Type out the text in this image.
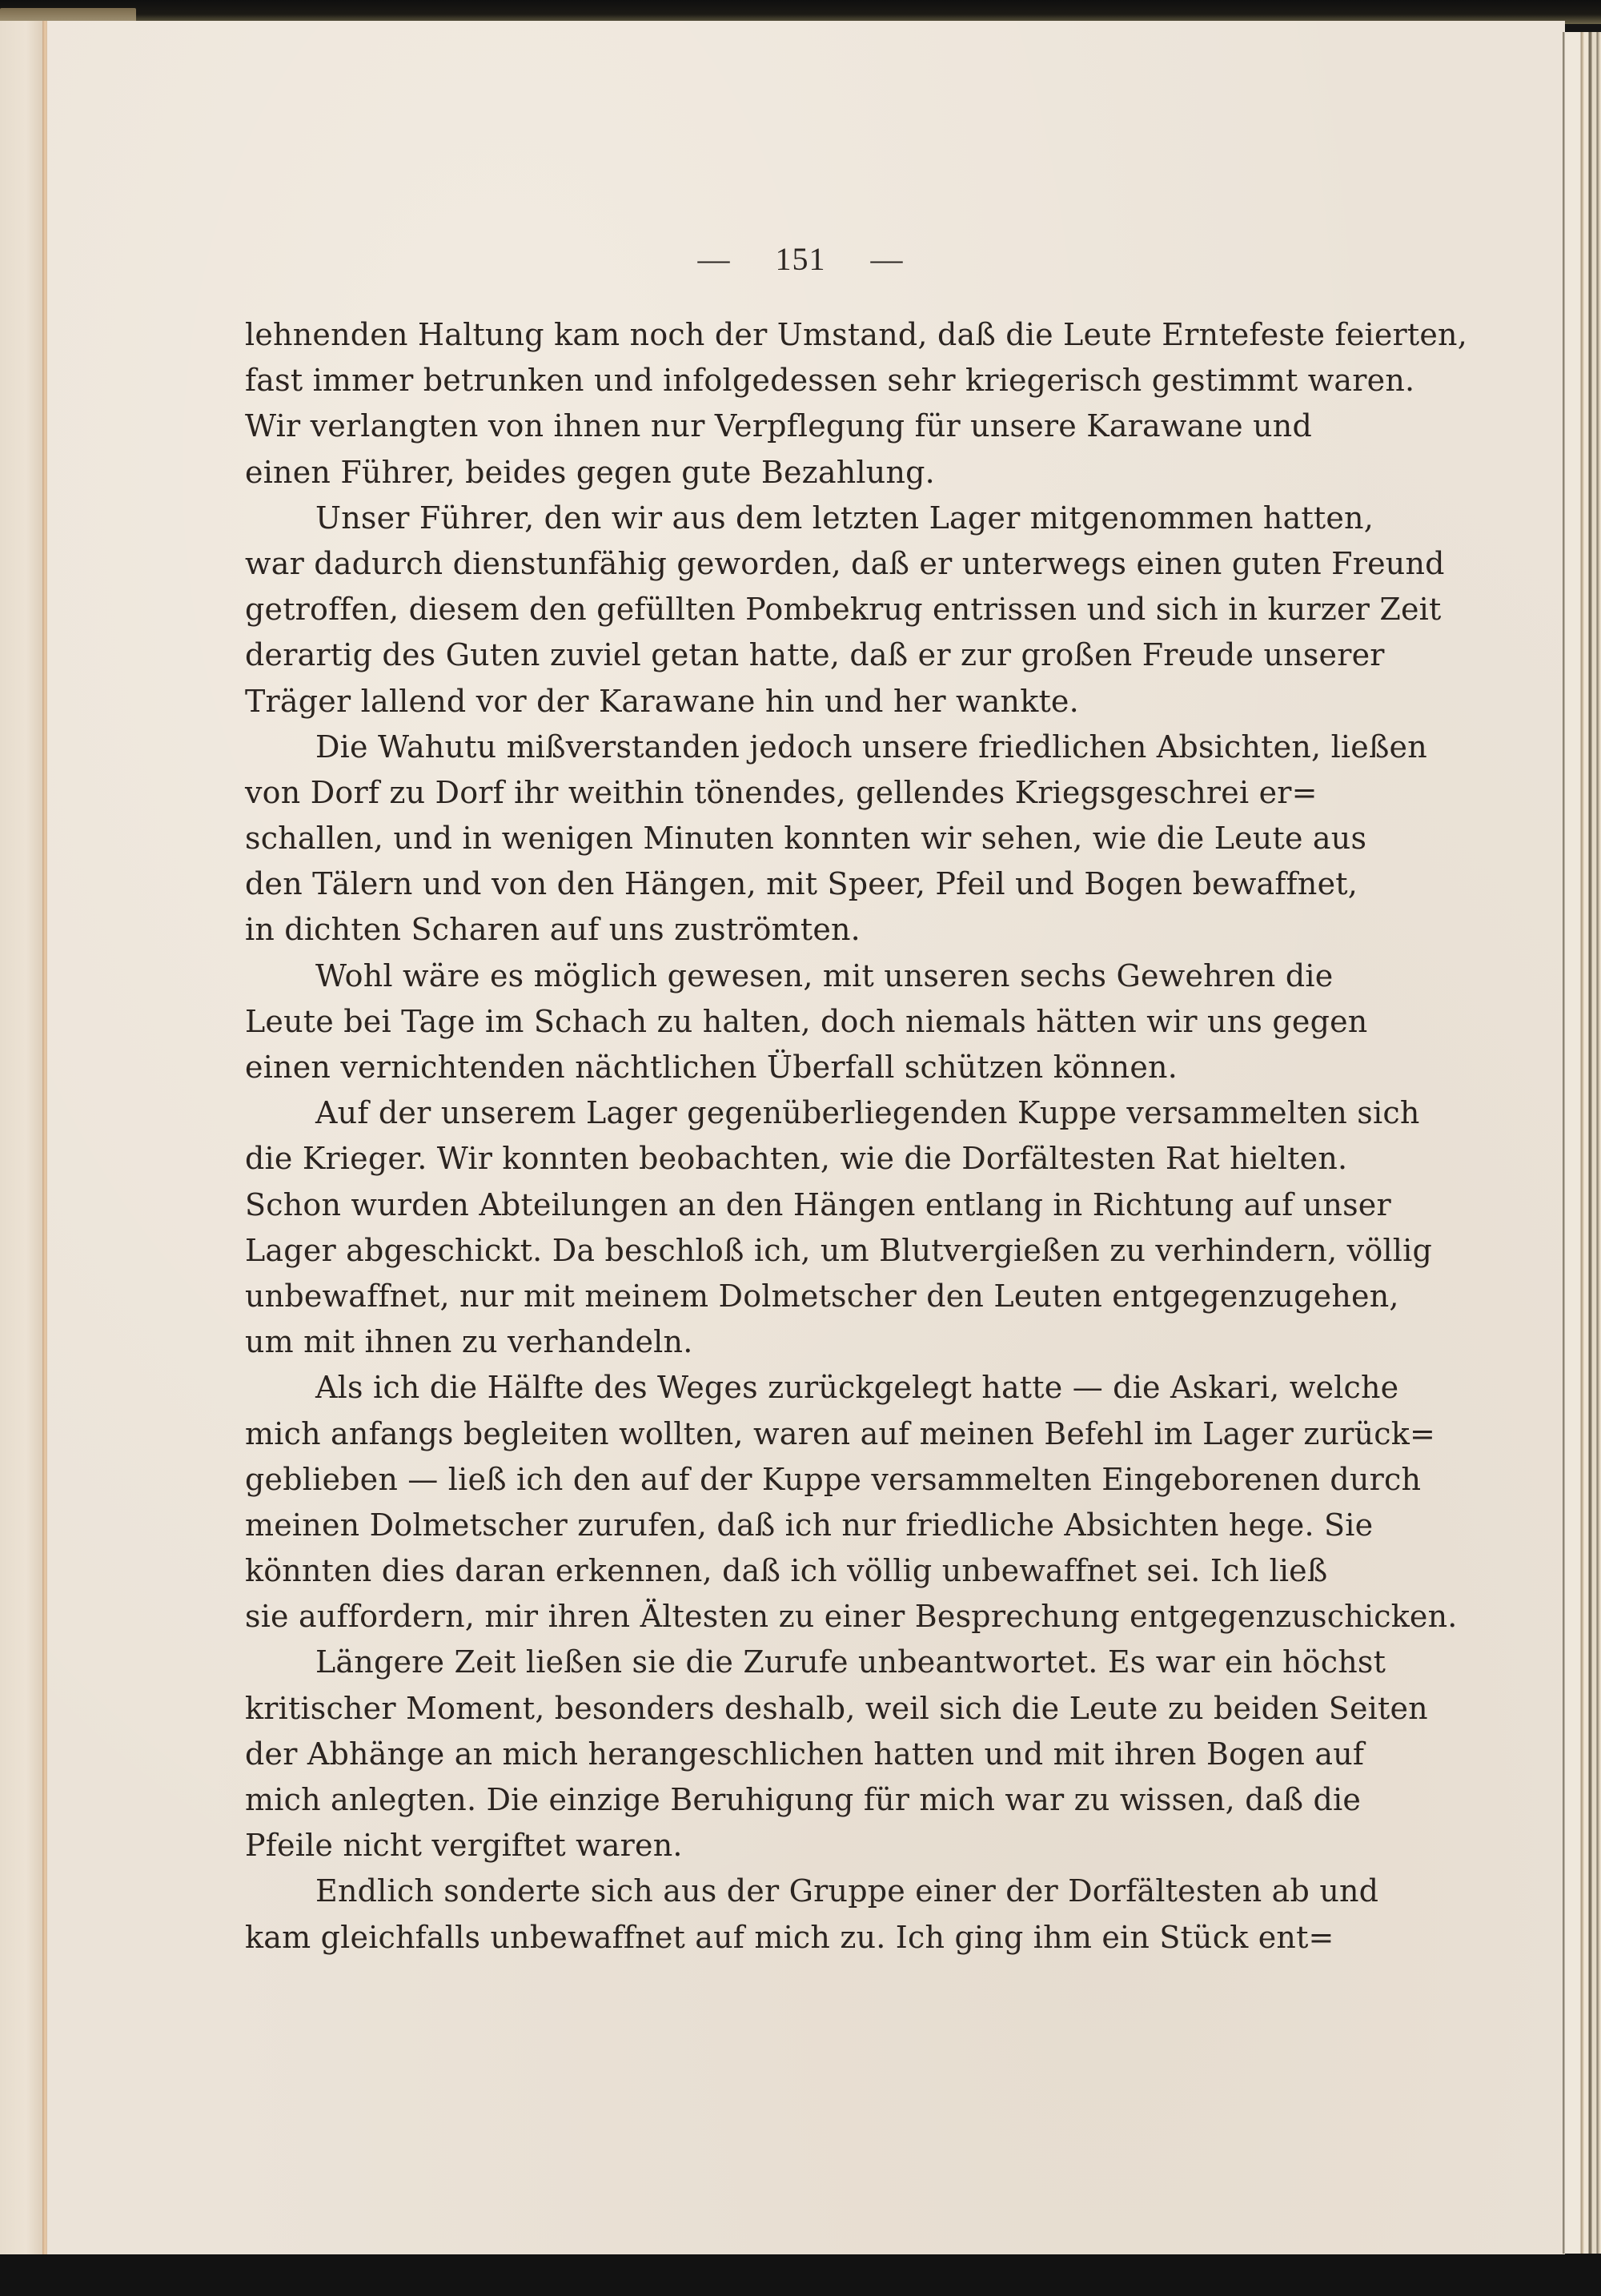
— 151 —
lehnenden Haltung kam noch der Umstand, daß die Leute Erntefeste feierten,
fast immer betrunken und infolgedessen sehr kriegerisch gestimmt waren.
Wir verlangten von ihnen nur Verpflegung für unsere Karawane und
einen Führer, beides gegen gute Bezahlung.
Unser Führer, den wir aus dem letzten Lager mitgenommen hatten,
war dadurch dienstunfähig geworden, daß er unterwegs einen guten Freund
getroffen, diesem den gefüllten Pombekrug entrissen und sich in kurzer Zeit
derartig des Guten zuviel getan hatte, daß er zur großen Freude unserer
Träger lallend vor der Karawane hin und her wankte.
Die Wahutu mißverstanden jedoch unsere friedlichen Absichten, ließen
von Dorf zu Dorf ihr weithin tönendes, gellendes Kriegsgeschrei er=
schallen, und in wenigen Minuten konnten wir sehen, wie die Leute aus
den Tälern und von den Hängen, mit Speer, Pfeil und Bogen bewaffnet,
in dichten Scharen auf uns zuströmten.
Wohl wäre es möglich gewesen, mit unseren sechs Gewehren die
Leute bei Tage im Schach zu halten, doch niemals hätten wir uns gegen
einen vernichtenden nächtlichen Überfall schützen können.
Auf der unserem Lager gegenüberliegenden Kuppe versammelten sich
die Krieger. Wir konnten beobachten, wie die Dorfältesten Rat hielten.
Schon wurden Abteilungen an den Hängen entlang in Richtung auf unser
Lager abgeschickt. Da beschloß ich, um Blutvergießen zu verhindern, völlig
unbewaffnet, nur mit meinem Dolmetscher den Leuten entgegenzugehen,
um mit ihnen zu verhandeln.
Als ich die Hälfte des Weges zurückgelegt hatte — die Askari, welche
mich anfangs begleiten wollten, waren auf meinen Befehl im Lager zurück=
geblieben — ließ ich den auf der Kuppe versammelten Eingeborenen durch
meinen Dolmetscher zurufen, daß ich nur friedliche Absichten hege. Sie
könnten dies daran erkennen, daß ich völlig unbewaffnet sei. Ich ließ
sie auffordern, mir ihren Ältesten zu einer Besprechung entgegenzuschicken.
Längere Zeit ließen sie die Zurufe unbeantwortet. Es war ein höchst
kritischer Moment, besonders deshalb, weil sich die Leute zu beiden Seiten
der Abhänge an mich herangeschlichen hatten und mit ihren Bogen auf
mich anlegten. Die einzige Beruhigung für mich war zu wissen, daß die
Pfeile nicht vergiftet waren.
Endlich sonderte sich aus der Gruppe einer der Dorfältesten ab und
kam gleichfalls unbewaffnet auf mich zu. Ich ging ihm ein Stück ent=
